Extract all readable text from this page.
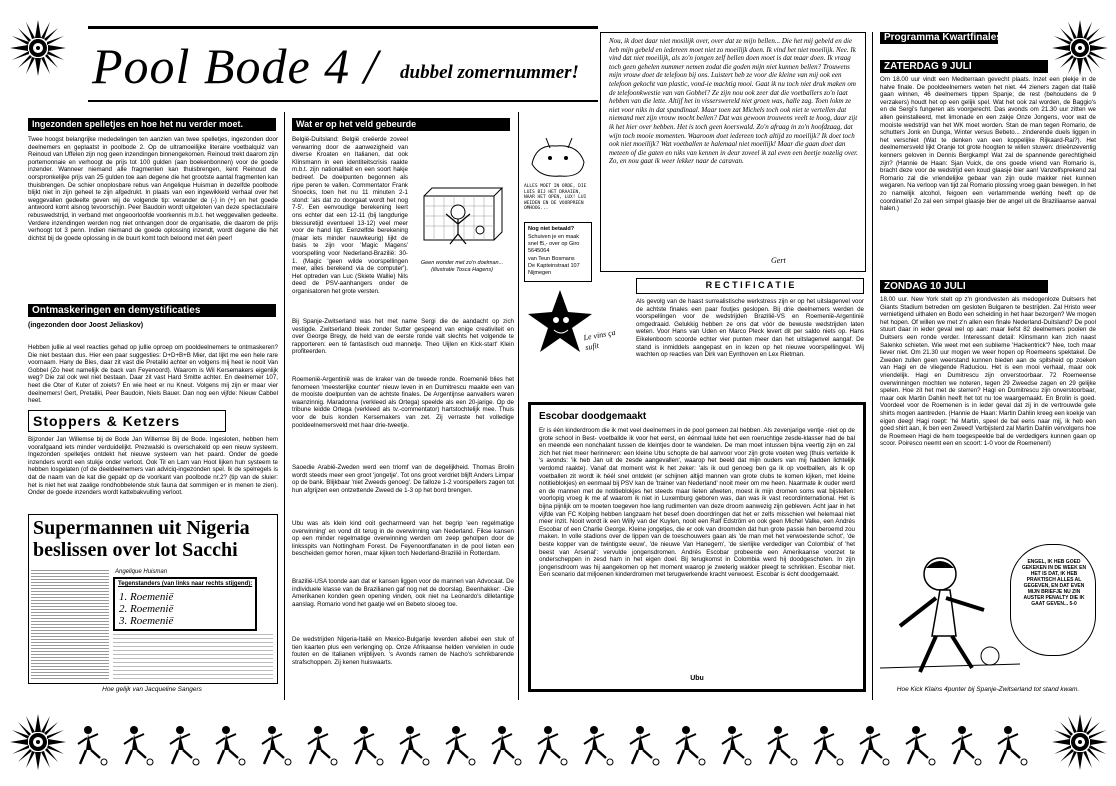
Pool Bode 4 / dubbel zomernummer!
Ingezonden spelletjes en hoe het nu verder moet.
Twee hoogst belangrijke mededelingen ten aanzien van twee spelletjes, ingezonden door deelnemers en geplaatst in poolbode 2. Op de ultramoeilijke literaire voetbalquiz van Reinoud van Uffelen zijn nog geen inzendingen binnengekomen. Reinoud trekt daarom zijn portemonnaie en verhoogt de prijs tot 100 gulden (aan boekenbonnen) voor de goede inzender. Wanneer niemand alle fragmenten kan thuisbrengen, kent Reinoud de oorspronkelijke prijs van 25 gulden toe aan degene die het grootste aantal fragmenten kan thuisbrengen. De schier onoplosbare rebus van Angelique Huisman in dezelfde poolbode blijkt niet in zijn geheel te zijn afgedrukt. In plaats van een ingewikkeld verhaal over het weggevallen gedeelte geven wij de volgende tip: verander de (-) in (+) en het goede antwoord komt alsnog tevoorschijn. Peer Baudoin wordt uitgeloten van deze spectaculaire rebuswedstrijd, in verband met ongeoorloofde voorkennis m.b.t. het weggevallen gedeelte. Verdere inzendingen werden nog niet ontvangen door de organisatie, die daarom de prijs verhoogt tot 3 penn. Indien niemand de goede oplossing inzendt, wordt degene die het dichtst bij de goede oplossing in de buurt komt toch beloond met één peer!
Ontmaskeringen en demystificaties
(ingezonden door Joost Jeliaskov)
Hebben jullie al veel reacties gehad op jullie oproep om pooldeelnemers te ontmaskeren? Die niet bestaan dus. Hier een paar suggesties: D+D+B+B Mier, dat lijkt me een hele rare voornaam. Hany de Bles, daar zit vast die Pretaliki achter en volgens mij heet ie nooit Van Gobbel (Zo heet namelijk de back van Feyenoord). Waarom is Wil Kersemakers eigenlijk weg? Die zal ook wel niet bestaan. Daar zit vast Hard Smitte achter. En deelnemer 107, heet die Oter of Kuter of zoiets? En wie heet er nu Kneut. Volgens mij zijn er maar vier deelnemers! Gert, Pretaliki, Peer Baudoin, Niels Bauer. Dan nog een vijfde: Nieuw Cabbel heet.
Stoppers & Ketzers
Bijzonder Jan Willemse bij de Bode Jan Willemse Bij de Bode. Ingesloten, hebben hem voorafgaand iets minder verduidelijkt. Prezwalski is overschakeld op een nieuw systeem. Ingezonden spelletjes ontdekt het nieuwe systeem van het paard. Onder de goede inzenders wordt een stukje onder verloot. Ook Til en Lam van Hoot lijken hun systeem te hebben losgelaten (of de deeldeelnemers van adviciq-ingezonden spel. Ik de spelregels is dat de naam van de kat die gepakt op de voorkant van poolbode nr.2? (tip van de sluier: het is niet het wat zaalige rondhobbelende stuk fauna dat sommigen er in menen te zien). Onder de goede inzenders wordt kattebakvulling verloot.
Supermannen uit Nigeria beslissen over lot Sacchi
Angelique Huisman
Tegenstanders (van links naar rechts stijgend):
1. Roemenië
2. Roemenië
3. Roemenië
Hoe gelijk van Jacqueline Sangers
Wat er op het veld gebeurde
België-Duitsland: België creëerde zoveel verwarring door de aanwezigheid van diverse Kroaten en Italianen, dat ook Klinsmann in een identiteitscrisis raakte m.b.t. zijn nationaliteit en een soort hakje bedreef. De doelpunten begonnen als rijpe peren te vallen. Commentator Frank Snoecks, toen het nu 11 minuten 2-1 stond: 'als dat zo doorgaat wordt het nog 7-5'. Een eenvoudige berekening leert ons echter dat een 12-11 (bij langdurige blessuretijd eventueel 13-12) veel meer voor de hand ligt. Eenzelfde berekening (maar iets minder nauwkeurig) lijkt de basis te zijn voor 'Magic Magens' voorspelling voor Nederland-Brazilië: 30-1. (Magic 'geen wilde voorspellingen meer, alles berekend via de computer'). Het optreden van Luc (Skiete Wallie) Nils deed de PSV-aanhangers onder de organisatoren het grote versten.
Geen wonder met zo'n doelman... (illustratie Tosca Hagens)
Bij Spanje-Zwitserland was het met name Sergi die de aandacht op zich vestigde. Zwitserland bleek zonder Sutter gespeend van enige creativiteit en over George Bregy, de held van de eerste ronde valt slechts het volgende te rapporteren: een té fantastisch oud mannetje. Theo Uijlen en Kick-start' Klein profiteerden.
Roemenië-Argentinië was de kraker van de tweede ronde. Roemenië blies het fenomeen 'meesterlijke counter' nieuw leven in en Dumitrescu maakte een van de mooiste doelpunten van de achtste finales. De Argentijnse aanvallers waren waanzinnig. Maradonna (verkleed als Ortega) speelde als een 20-jarige. Op de tribune leidde Ortega (verkleed als tv.-commentator) hartstochtelijk mee. Thuis voor de buis konden Kersemakers van zet. Zij verraste het volledige pooldeelnemersveld met haar drie-tweetje.
Saoedie Arabië-Zweden werd een triomf van de degelijkheid. Thomas Brolin wordt steeds meer een groot 'jongetje'. Tot ons groot verdriet blijft Anders Limpar op de bank. Blijkbaar 'niet Zweeds genoeg'. De talloze 1-2 voorspellers zagen tot hun afgrijzen een ontzettende Zweed de 1-3 op het bord brengen.
Ubu was als klein kind ooit gecharmeerd van het begrip 'een regelmatige overwinning' en vond dit terug in de overwinning van Nederland. Fikse kansen op een minder regelmatige overwinning werden om zeep geholpen door de linksspits van Nottingham Forest. De Feyenoordfanaten in de pool lieten een bescheiden gemor horen, maar kijken toch Nederland-Brazilië in Rotterdam.
Brazilië-USA toonde aan dat er kansen liggen voor de mannen van Advocaat. De individuele klasse van de Brazilianen gaf nog net de doorslag. Beenhakker: -Die Amerikanen konden geen opening vinden, ook niet na Leonardo's dilletantige aanslag. Romario vond het gaatje wel en Bebeto slooeg toe.
De wedstrijden Nigeria-Italië en Mexico-Bulgarije leverden allebei een stuk of tien kaarten plus een verlenging op. Onze Afrikaanse helden vervielen in oude fouten en de Italianen vrijblijven. 's Avonds ramen de Nacho's schrikbarende strafschoppen. Zij kenen huiswaarts.
Nou, ik doet daar niet mosilijk over, over dat ze mijn bellen... Die het mij gebeld en die heb mijn gebeld en iedereen moet niet zo moeilijk doen. Ik vind het niet moeilijk. Nee. Ik vind dat niet moeilijk, als zo'n jongen zelf bellen doen moet is dat maar doen. Ik vraag toch geen gehelen nummer nemen zodat die goden mijn niet kunnen bellen? Trouwens mijn vrouw doet de telefoon bij ons. Luistert heb ze voor die kleine van mij ook een telefoon gekocht van plastic, vond-ie machtig mooi. Gaat ik nu toch niet druk maken om de telefoonkwestie van van Gobbel? Ze zijn nou ook zeer dat die voetballers zo'n laat hebben van die lette. Altijf het in visserswereld niet groen was, halle zag. Toen lokm ze niet voor niks in dat spandinaal. Maar toen zat Michels toch ook niet te vertellen dat niemand met zijn vrouw mocht bellen? Dat was gewoon trouwens veelt te hoog, daar zijt ik het hier over hebben. Het is toch geen koerswald. Zo'n afraag in zo'n hoofdzaag, dat wijn toch mooie momenten. Waaroom doet iedereen toch altijd zo moeilijk? Ik doet toch ook niet moeilijk? Wat voetballen te halemaal niet moeilijk! Maar die gaan doet dan meteen of die gaten en niks van kennen in deur zoveel ik zal even een beetje nozelig over. Zo, en nou gaat ik weer lekker naar de caravan.
Gert
ALLES MOET IN ORDE, DIE LUIS BIJ HET DRAAIEN, NAAR HET OPEN, LUX! LUI WEIDEN EN DE VOORPREEN OMHOOG...
Nog niet betaald?
Schuiven je en maak
snel f5,- over op Giro
5645064
van Teun Bosmans
De Kapteinstraat 107
Nijmegen
R E C T I F I C A T I E
Als gevolg van de haast surrealistische werkstress zijn er op het uitslagenvel voor de achtste finales een paar foutjes geslopen. Bij drie deelnemers werden de voorspellingen voor de wedstrijden Brazilië-VS en Roemenië-Argentinië omgedraaid. Gelukkig hebben ze ons dat vóór de bewuste wedstrijden laten weten. Voor Hans van Uden en Marco Pleck levert dit per saldo niets op. Hans Eikelenboom scoorde echter vier punten meer dan het uitslagenvel aangaf. De stand is inmiddels aangepast en in lezen op het nieuwe voorspellingvel. Wij wachten op reacties van Dirk van Eynthoven en Lex Rietman.
Le vins ça sufit
Escobar doodgemaakt
Er is één kinderdroom die ik met veel deelnemers in de pool gemeen zal hebben. Als zevenjarige ventje -niet op de grote school in Best- voetballde ik voor het eerst, en éénmaal lukte het een roeruchtige zesde-klasser had de bal en meende een nonchalant tussen de kleintjes door te wandelen. De man moet intussen bijna veertig zijn en zal zich het niet meer herinneren: een kleine Ubu schopte de bal aanvoor voor zijn grote voeten weg (thuis vertelde ik 's avonds: 'ik heb Jan uit de zesde aangevallen', waarop het beeld dat mijn ouders van mij hadden lichtelijk verdomd raakte). Vanaf dat moment wist ik het zeker: 'als ik oud genoeg ben ga ik op voetballen, als ik op voetballen zit wordt ik héél snel ontdekt (er schijnen altijd mannen van grote clubs te komen kijken, met kleine notitieblokjes) en eenmaal bij PSV kan de 'trainer van Nederland' nooit meer om me heen. Naarmate ik ouder werd en de mannen met de notitieblokjes het steeds maar lieten afweten, moest ik mijn dromen soms wat bijstellen: voorlopig vroeg ik me af waarom ik niet in Luxemburg geboren was, dan was ik vast recordinternational. Het is bijna pijnlijk om te moeten toegeven hoe lang rudimenten van deze droom aanwezig zijn gebleven. Acht jaar in het vijfde van FC Kolping hebben langzaam het besef doen doordringen dat het er zelfs misschien wel helemaal niet meer inzit. Nooit wordt ik een Willy van der Kuylen, nooit een Ralf Edström en ook geen Michel Valke, een Andrés Escobar of een Charlie George. Kleine jongetjes, die er ook van droomden dat hun grote passie hen beroemd zou maken. In volle stadions over de lippen van de toeschouwers gaan als 'de man met het verwoestende schot', 'de beste kopper van de twintigste eeuw', 'de nieuwe Van Hanegem', 'de sierlijke verdediger van Colombia' of 'het beest van Arsenal': vervulde jongensdromen. Andrés Escobar probeerde een Amerikaanse voorzet te onderscheppen in zesd ham in het eigen doel. Bij terugkomst in Colombia werd hij doodgeschoten. In zijn jongensdroom was hij aangekomen op het moment waarop je zweterig wakker pleegt te schrikken. Escobar niet. Een scenario dat miljoenen kinderdromen met terugwerkende kracht verwoest. Escobar is écht doodgemaakt.
Ubu
Programma Kwartfinales
ZATERDAG 9 JULI
Om 18.00 uur vindt een Mediterraan gevecht plaats. Inzet een plekje in de halve finale. De pooldeelnemers weten het niet. 44 zieners zagen dat Italië gaan winnen, 46 deelnemers tippen Spanje; de rest (behoudens de 9 verzakers) houdt het op een gelijk spel. Wat het ook zal worden, de Baggio's en de Sergi's fungeren als voorgerecht. Das avonds om 21.30 uur zitten we allen geinstalleerd, met limonade en een zakje Onze Jongens, voor wat de mooiste wedstrijd van het WK moet worden. Stan de man tegen Romario, de schutters Jonk en Dunga, Winter versus Bebeto... zinderende duels liggen in het verschiet (Wat te denken van een koppelijke Rijkaard-Rai?). Het deelnemersveld lijkt Oranje tot grote hoogten te willen stuwen: drieënzeventig kenners geloven in Dennis Bergkamp! Wat zal de spannende gerechtigheid zijn? (Hannie de Haan: Sjan Vuick, de ons goede vriend van Romario is, bracht deze voor de wedstrijd een koud glaasje bier aan! Vanzelfsprekend zal Romario zal die vriendelijke gebaar van zijn oude makker niet kunnen wegaren. Na verloop van tijd zal Romario plossing vroeg gaan bewegen. In het zo namelijk alcohol, feigoen een verlammende werking heeft op de coordinatie! Zo zal een simpel glaasje bier de angel uit de Braziliaanse aanval halen.)
ZONDAG 10 JULI
18.00 uur. New York stelt op z'n grondvesten als medogenloze Duitsers het Giants Stadium betreden om gesloten Bulgaren te bestrijden. Zal Hristo weer vernietigend uithalen en Bodo een scheiding in het haar bezorgen? We mogen het hopen. Of willen we met z'n allen een finale Nederland-Duitsland? De pool stuurt daar in ieder geval wel op aan: maar liefst 82 deelnemers poolen de Duitsers een ronde verder. Interessant detail: Klinsmann kan zich naast Salenko schieten. Wie weet met een sublieme 'Hackentrick'? Nee, toch maar liever niet. Om 21.30 uur mogen we weer hopen op Roemeens spektakel. De Zweden zullen geen weerstand kunnen bieden aan de spitsheid op zoeken van Hagi en de vliegende Raduciou. Het is een mooi verhaal, maar ook vriendelijk. Hagi en Dumitrescu zijn onverstoorbaar. 72 Roemeense overwinningen mochten we noteren, tegen 29 Zweedse zagen en 29 gelijke spelen. Hoe zit het met de sterren? Hagi en Dumitrescu zijn onverstoorbaar, maar ook Martin Dahlin heeft het tot nu toe waargemaakt. En Brolin is goed. Voordeel voor de Roemenen is in ieder geval dat zij in de vertrouwde gele shirts mogen aantreden. (Hannie de Haan: Martin Dahlin kreeg een koekje van eigen deeg! Hagi roept: 'hé Martin, speel de bal eens naar mij, ik heb een goed shirt aan, ik ben een Zweed! Verbijsterd zal Martin Dahlin vervolgens hoe de Roemeen Hagi de hem toegespeelde bal de verdedigers kunnen gaan op scoor. Poiresco neemt een en scoort: 1-0 voor de Roemenen!)
ENGEL, IK HEB GOED GEKEKEN IN DE WEEK EN HET IS DAT, IK HEB PRAKTISCH ALLES AL GEGEVEN, EN DAT EVEN MIJN BRIEFJE NU ZIN AUSTER PENALTY DIE IK GAAT GEVEN... 5-0
Hoe Kick Klains 4punter bij Spanje-Zwitserland tot stand kwam.
